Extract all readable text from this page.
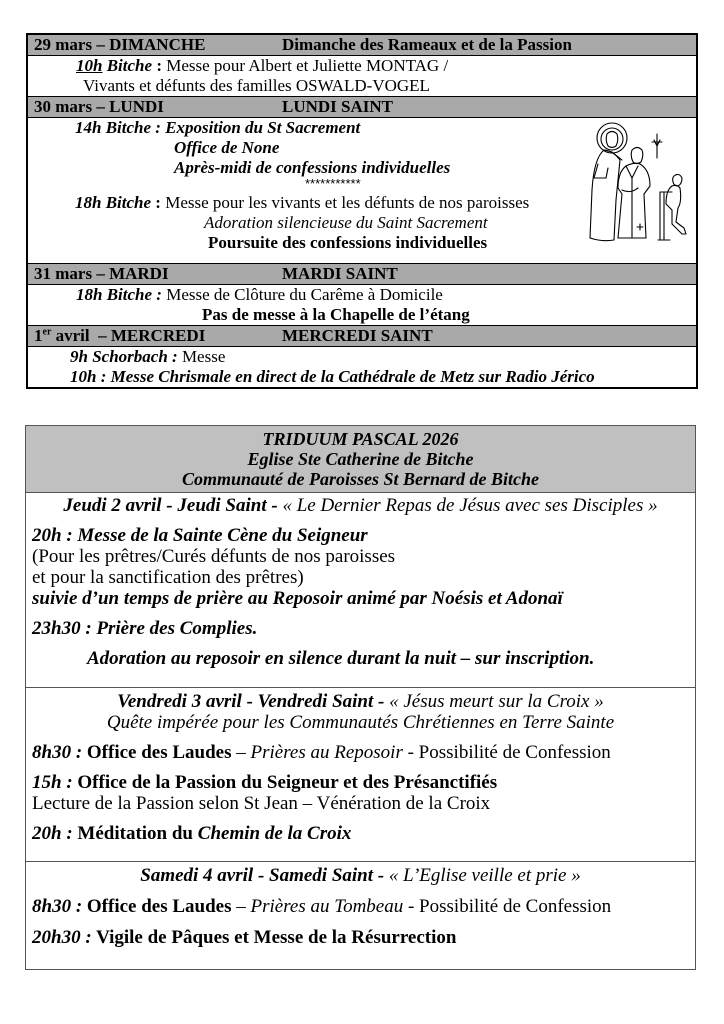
29 mars – DIMANCHE	Dimanche des Rameaux et de la Passion
10h Bitche : Messe pour Albert et Juliette MONTAG /
Vivants et défunts des familles OSWALD-VOGEL
30 mars – LUNDI	LUNDI SAINT
14h Bitche : Exposition du St Sacrement
Office de None
Après-midi de confessions individuelles
***********
18h Bitche : Messe pour les vivants et les défunts de nos paroisses
Adoration silencieuse du Saint Sacrement
Poursuite des confessions individuelles
31 mars – MARDI	MARDI SAINT
18h Bitche : Messe de Clôture du Carême à Domicile
Pas de messe à la Chapelle de l’étang
1er avril  – MERCREDI	MERCREDI SAINT
9h Schorbach : Messe
10h : Messe Chrismale en direct de la Cathédrale de Metz sur Radio Jérico
TRIDUUM PASCAL 2026
Eglise Ste Catherine de Bitche
Communauté de Paroisses St Bernard de Bitche
Jeudi 2 avril - Jeudi Saint - « Le Dernier Repas de Jésus avec ses Disciples »
20h : Messe de la Sainte Cène du Seigneur
(Pour les prêtres/Curés défunts de nos paroisses
et pour la sanctification des prêtres)
suivie d’un temps de prière au Reposoir animé par Noésis et Adonaï
23h30 : Prière des Complies.
Adoration au reposoir en silence durant la nuit – sur inscription.
Vendredi 3 avril - Vendredi Saint - « Jésus meurt sur la Croix »
Quête impérée pour les Communautés Chrétiennes en Terre Sainte
8h30 : Office des Laudes – Prières au Reposoir - Possibilité de Confession
15h : Office de la Passion du Seigneur et des Présanctifiés
Lecture de la Passion selon St Jean – Vénération de la Croix
20h : Méditation du Chemin de la Croix
Samedi 4 avril - Samedi Saint - « L’Eglise veille et prie »
8h30 : Office des Laudes – Prières au Tombeau - Possibilité de Confession
20h30 : Vigile de Pâques et Messe de la Résurrection
